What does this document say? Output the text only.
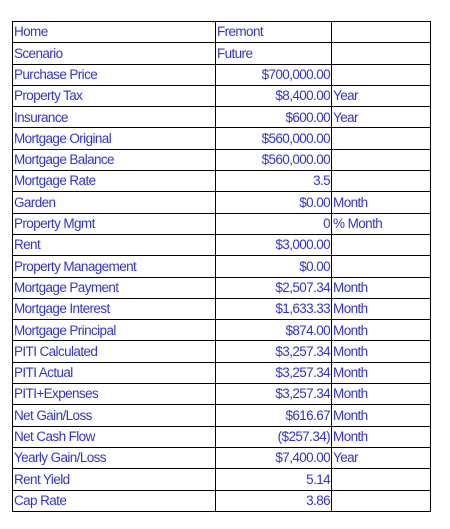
Home	Fremont	
Scenario	Future	
Purchase Price	$700,000.00	
Property Tax	$8,400.00	Year
Insurance	$600.00	Year
Mortgage Original	$560,000.00	
Mortgage Balance	$560,000.00	
Mortgage Rate	3.5	
Garden	$0.00	Month
Property Mgmt	0	% Month
Rent	$3,000.00	
Property Management	$0.00	
Mortgage Payment	$2,507.34	Month
Mortgage Interest	$1,633.33	Month
Mortgage Principal	$874.00	Month
PITI Calculated	$3,257.34	Month
PITI Actual	$3,257.34	Month
PITI+Expenses	$3,257.34	Month
Net Gain/Loss	$616.67	Month
Net Cash Flow	($257.34)	Month
Yearly Gain/Loss	$7,400.00	Year
Rent Yield	5.14	
Cap Rate	3.86	
